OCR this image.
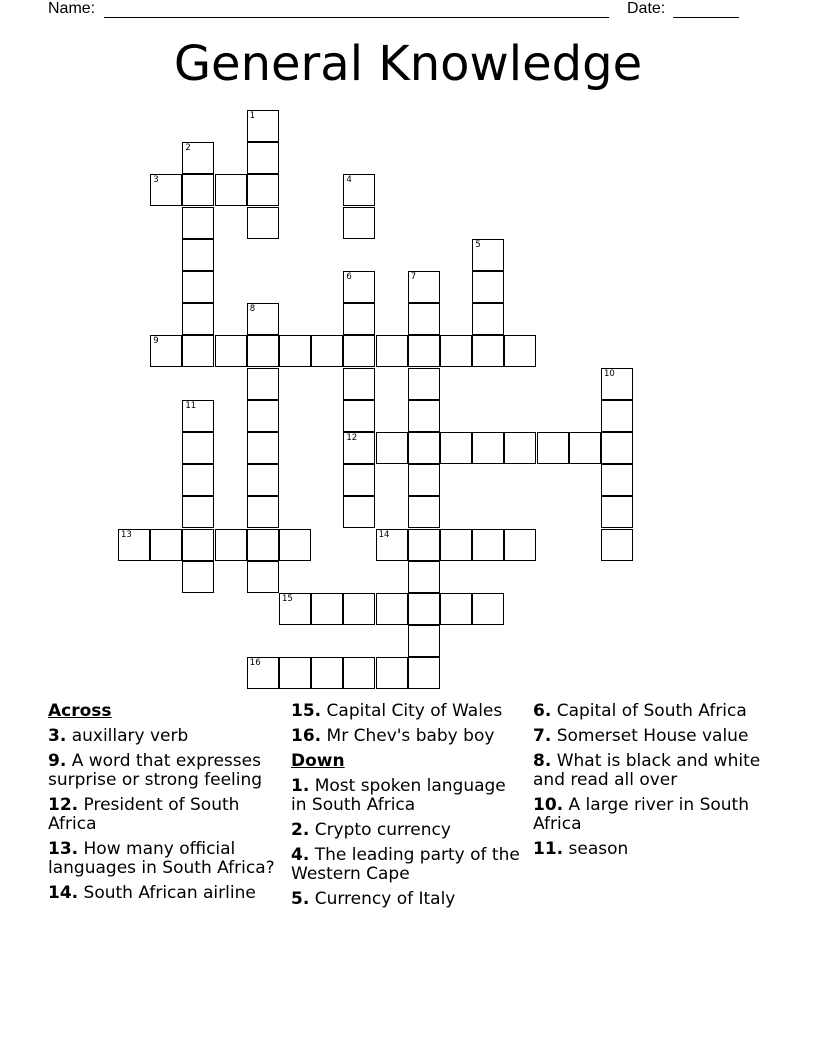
Name:	Date:
General Knowledge
1
2
3	4
5
6	7
8
9
10
11
12
13	14
15
16
Across
3. auxillary verb
9. A word that expresses surprise or strong feeling
12. President of South Africa
13. How many official languages in South Africa?
14. South African airline
15. Capital City of Wales
16. Mr Chev's baby boy
Down
1. Most spoken language in South Africa
2. Crypto currency
4. The leading party of the Western Cape
5. Currency of Italy
6. Capital of South Africa
7. Somerset House value
8. What is black and white and read all over
10. A large river in South Africa
11. season
